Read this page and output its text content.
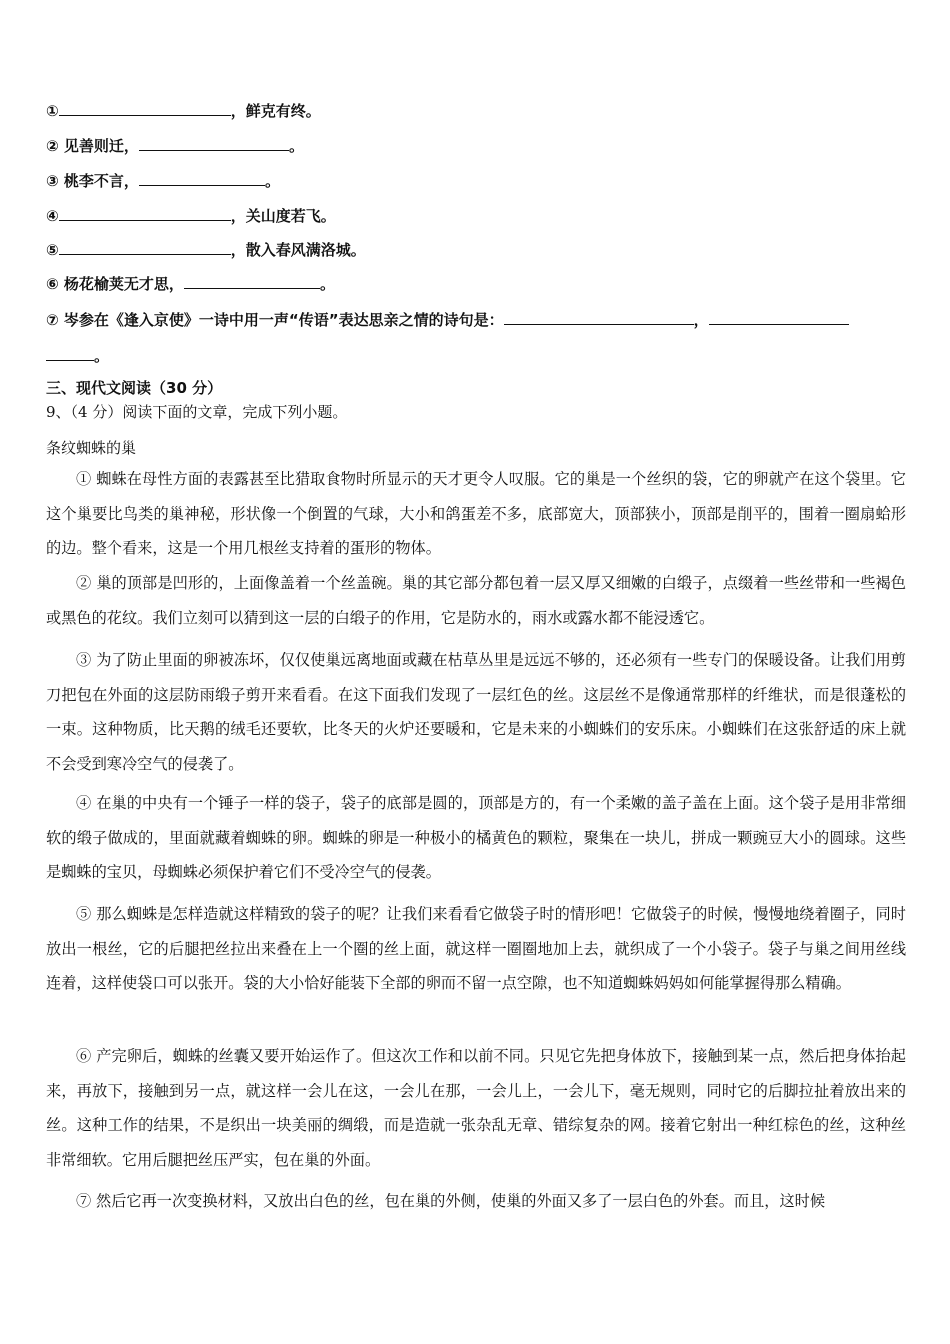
①	，鲜克有终。
② 见善则迁，	。
③ 桃李不言，	。
④	，关山度若飞。
⑤	，散入春风满洛城。
⑥ 杨花榆荚无才思，	。
⑦ 岑参在《逢入京使》一诗中用一声“传语”表达思亲之情的诗句是：	，
。
三、现代文阅读（30 分）
9、（4 分）阅读下面的文章，完成下列小题。
条纹蜘蛛的巢

① 蜘蛛在母性方面的表露甚至比猎取食物时所显示的天才更令人叹服。它的巢是一个丝织的袋，它的卵就产在这个袋里。它这个巢要比鸟类的巢神秘，形状像一个倒置的气球，大小和鸽蛋差不多，底部宽大，顶部狭小，顶部是削平的，围着一圈扇蛤形的边。整个看来，这是一个用几根丝支持着的蛋形的物体。

② 巢的顶部是凹形的，上面像盖着一个丝盖碗。巢的其它部分都包着一层又厚又细嫩的白缎子，点缀着一些丝带和一些褐色或黑色的花纹。我们立刻可以猜到这一层的白缎子的作用，它是防水的，雨水或露水都不能浸透它。

③ 为了防止里面的卵被冻坏，仅仅使巢远离地面或藏在枯草丛里是远远不够的，还必须有一些专门的保暖设备。让我们用剪刀把包在外面的这层防雨缎子剪开来看看。在这下面我们发现了一层红色的丝。这层丝不是像通常那样的纤维状，而是很蓬松的一束。这种物质，比天鹅的绒毛还要软，比冬天的火炉还要暖和，它是未来的小蜘蛛们的安乐床。小蜘蛛们在这张舒适的床上就不会受到寒冷空气的侵袭了。

④ 在巢的中央有一个锤子一样的袋子，袋子的底部是圆的，顶部是方的，有一个柔嫩的盖子盖在上面。这个袋子是用非常细软的缎子做成的，里面就藏着蜘蛛的卵。蜘蛛的卵是一种极小的橘黄色的颗粒，聚集在一块儿，拼成一颗豌豆大小的圆球。这些是蜘蛛的宝贝，母蜘蛛必须保护着它们不受冷空气的侵袭。

⑤ 那么蜘蛛是怎样造就这样精致的袋子的呢？让我们来看看它做袋子时的情形吧！它做袋子的时候，慢慢地绕着圈子，同时放出一根丝，它的后腿把丝拉出来叠在上一个圈的丝上面，就这样一圈圈地加上去，就织成了一个小袋子。袋子与巢之间用丝线连着，这样使袋口可以张开。袋的大小恰好能装下全部的卵而不留一点空隙，也不知道蜘蛛妈妈如何能掌握得那么精确。

⑥ 产完卵后，蜘蛛的丝囊又要开始运作了。但这次工作和以前不同。只见它先把身体放下，接触到某一点，然后把身体抬起来，再放下，接触到另一点，就这样一会儿在这，一会儿在那，一会儿上，一会儿下，毫无规则，同时它的后脚拉扯着放出来的丝。这种工作的结果，不是织出一块美丽的绸缎，而是造就一张杂乱无章、错综复杂的网。接着它射出一种红棕色的丝，这种丝非常细软。它用后腿把丝压严实，包在巢的外面。

⑦ 然后它再一次变换材料，又放出白色的丝，包在巢的外侧，使巢的外面又多了一层白色的外套。而且，这时候
